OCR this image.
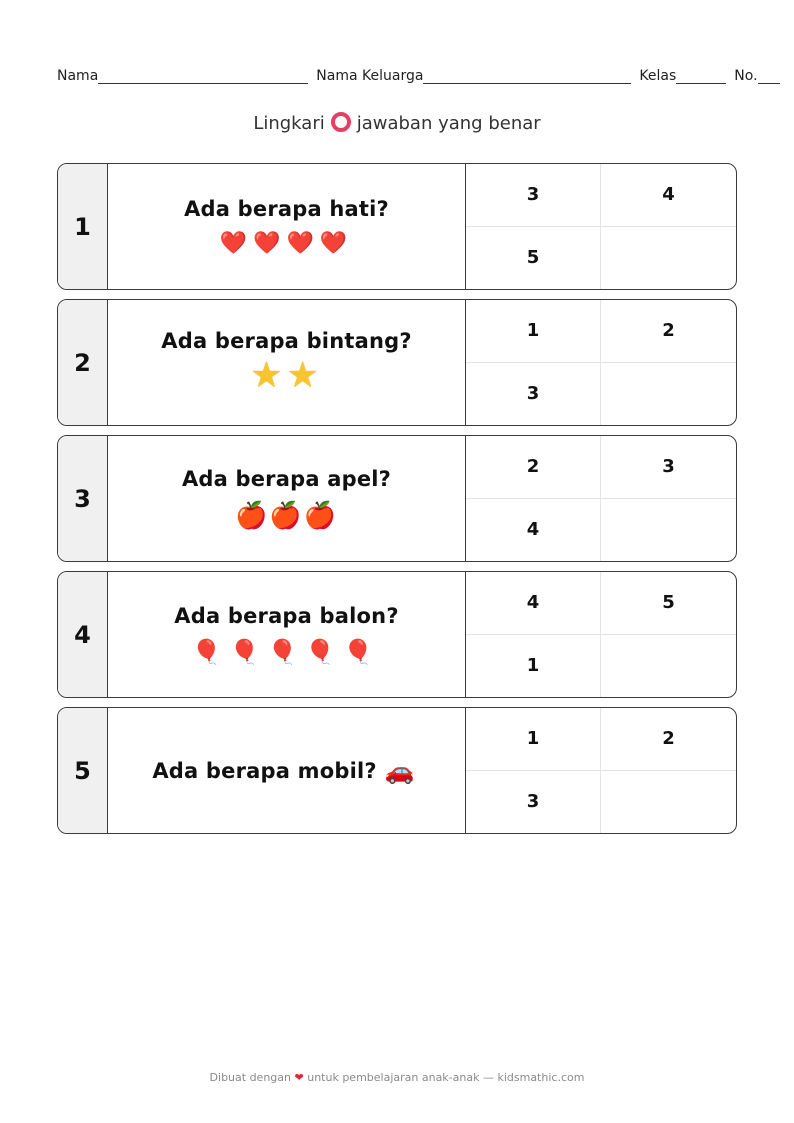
Nama	Nama Keluarga	Kelas	No.
Lingkari jawaban yang benar
1
Ada berapa hati?
❤️❤️❤️❤️
3	4
5
2
Ada berapa bintang?
★★
1	2
3
3
Ada berapa apel?
🍎🍎🍎
2	3
4
4
Ada berapa balon?
🎈🎈🎈🎈🎈
4	5
1
5	Ada berapa mobil? 🚗
1	2
3
Dibuat dengan ❤ untuk pembelajaran anak-anak — kidsmathic.com
